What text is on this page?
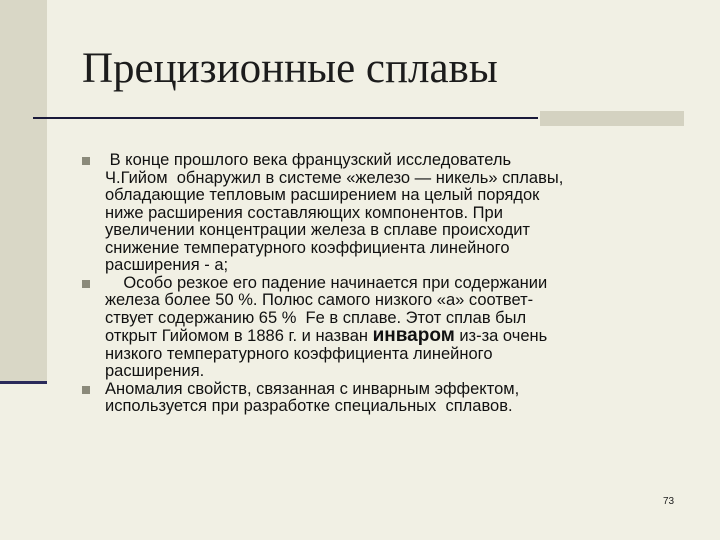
Прецизионные сплавы
В конце прошлого века французский исследователь
Ч.Гийом  обнаружил в системе «железо — никель» сплавы,
обладающие тепловым расширением на целый порядок
ниже расширения составляющих компонентов. При
увеличении концентрации железа в сплаве происходит
снижение температурного коэффициента линейного
расширения - а;
Особо резкое его падение начинается при содержании
железа более 50 %. Полюс самого низкого «а» соответ-
ствует содержанию 65 %  Fe в сплаве. Этот сплав был
открыт Гийомом в 1886 г. и назван инваром из-за очень
низкого температурного коэффициента линейного
расширения.
Аномалия свойств, связанная с инварным эффектом,
используется при разработке специальных  сплавов.
73
